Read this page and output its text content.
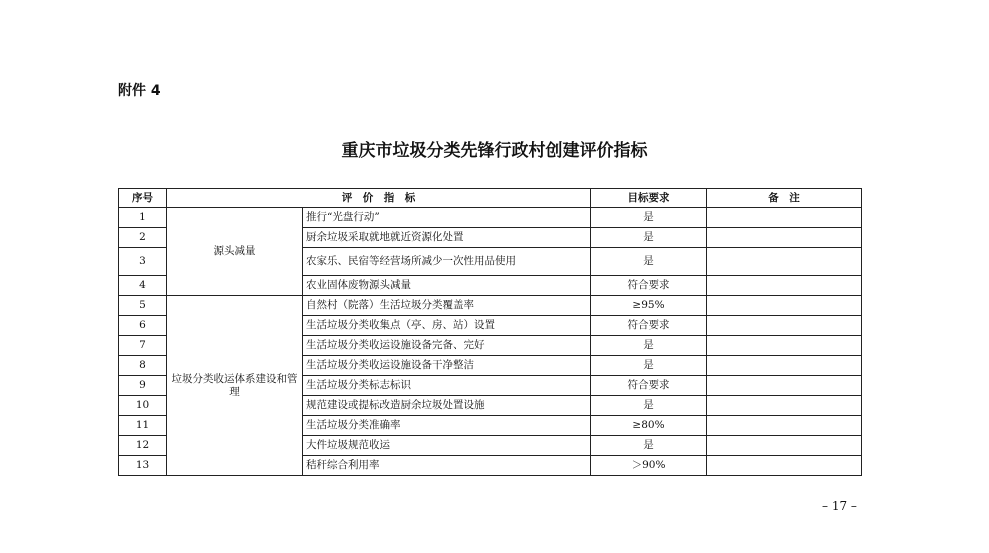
附件 4
重庆市垃圾分类先锋行政村创建评价指标
序号	评　价　指　标		目标要求	备　注
1	源头减量	推行“光盘行动”	是	
2		厨余垃圾采取就地就近资源化处置	是	
3		农家乐、民宿等经营场所减少一次性用品使用	是	
4		农业固体废物源头减量	符合要求	
5	垃圾分类收运体系建设和管理	自然村（院落）生活垃圾分类覆盖率	≥95%	
6		生活垃圾分类收集点（亭、房、站）设置	符合要求	
7		生活垃圾分类收运设施设备完备、完好	是	
8		生活垃圾分类收运设施设备干净整洁	是	
9		生活垃圾分类标志标识	符合要求	
10		规范建设或提标改造厨余垃圾处置设施	是	
11		生活垃圾分类准确率	≥80%	
12		大件垃圾规范收运	是	
13		秸秆综合利用率	＞90%	
– 17 –
